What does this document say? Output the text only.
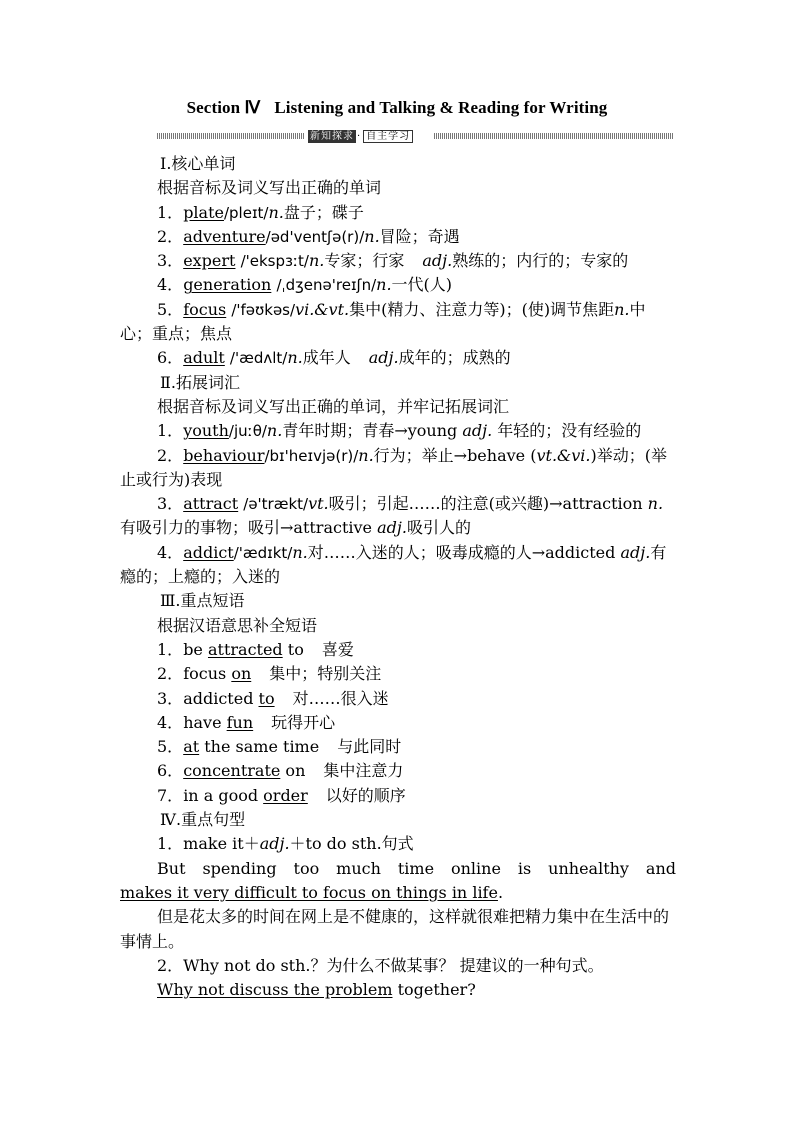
Section Ⅳ Listening and Talking & Reading for Writing
新知探求 · 自主学习
Ⅰ.核心单词
根据音标及词义写出正确的单词
1．plate/pleɪt/n.盘子；碟子
2．adventure/əd'ventʃə(r)/n.冒险；奇遇
3．expert /'ekspɜːt/n.专家；行家 adj.熟练的；内行的；专家的
4．generation /ˌdʒenə'reɪʃn/n.一代(人)
5．focus /'fəʊkəs/vi.&vt.集中(精力、注意力等)；(使)调节焦距n.中心；重点；焦点
6．adult /'ædʌlt/n.成年人 adj.成年的；成熟的
Ⅱ.拓展词汇
根据音标及词义写出正确的单词，并牢记拓展词汇
1．youth/juːθ/n.青年时期；青春→young adj. 年轻的；没有经验的
2．behaviour/bɪ'heɪvjə(r)/n.行为；举止→behave (vt.&vi.)举动；(举止或行为)表现
3．attract /ə'trækt/vt.吸引；引起……的注意(或兴趣)→attraction n.有吸引力的事物；吸引→attractive adj.吸引人的
4．addict/'ædɪkt/n.对……入迷的人；吸毒成瘾的人→addicted adj.有瘾的；上瘾的；入迷的
Ⅲ.重点短语
根据汉语意思补全短语
1．be attracted to 喜爱
2．focus on 集中；特别关注
3．addicted to 对……很入迷
4．have fun 玩得开心
5．at the same time 与此同时
6．concentrate on 集中注意力
7．in a good order 以好的顺序
Ⅳ.重点句型
1．make it＋adj.＋to do sth.句式
But spending too much time online is unhealthy and
makes it very difficult to focus on things in life.
但是花太多的时间在网上是不健康的，这样就很难把精力集中在生活中的事情上。
2．Why not do sth.？为什么不做某事？ 提建议的一种句式。
Why not discuss the problem together?
